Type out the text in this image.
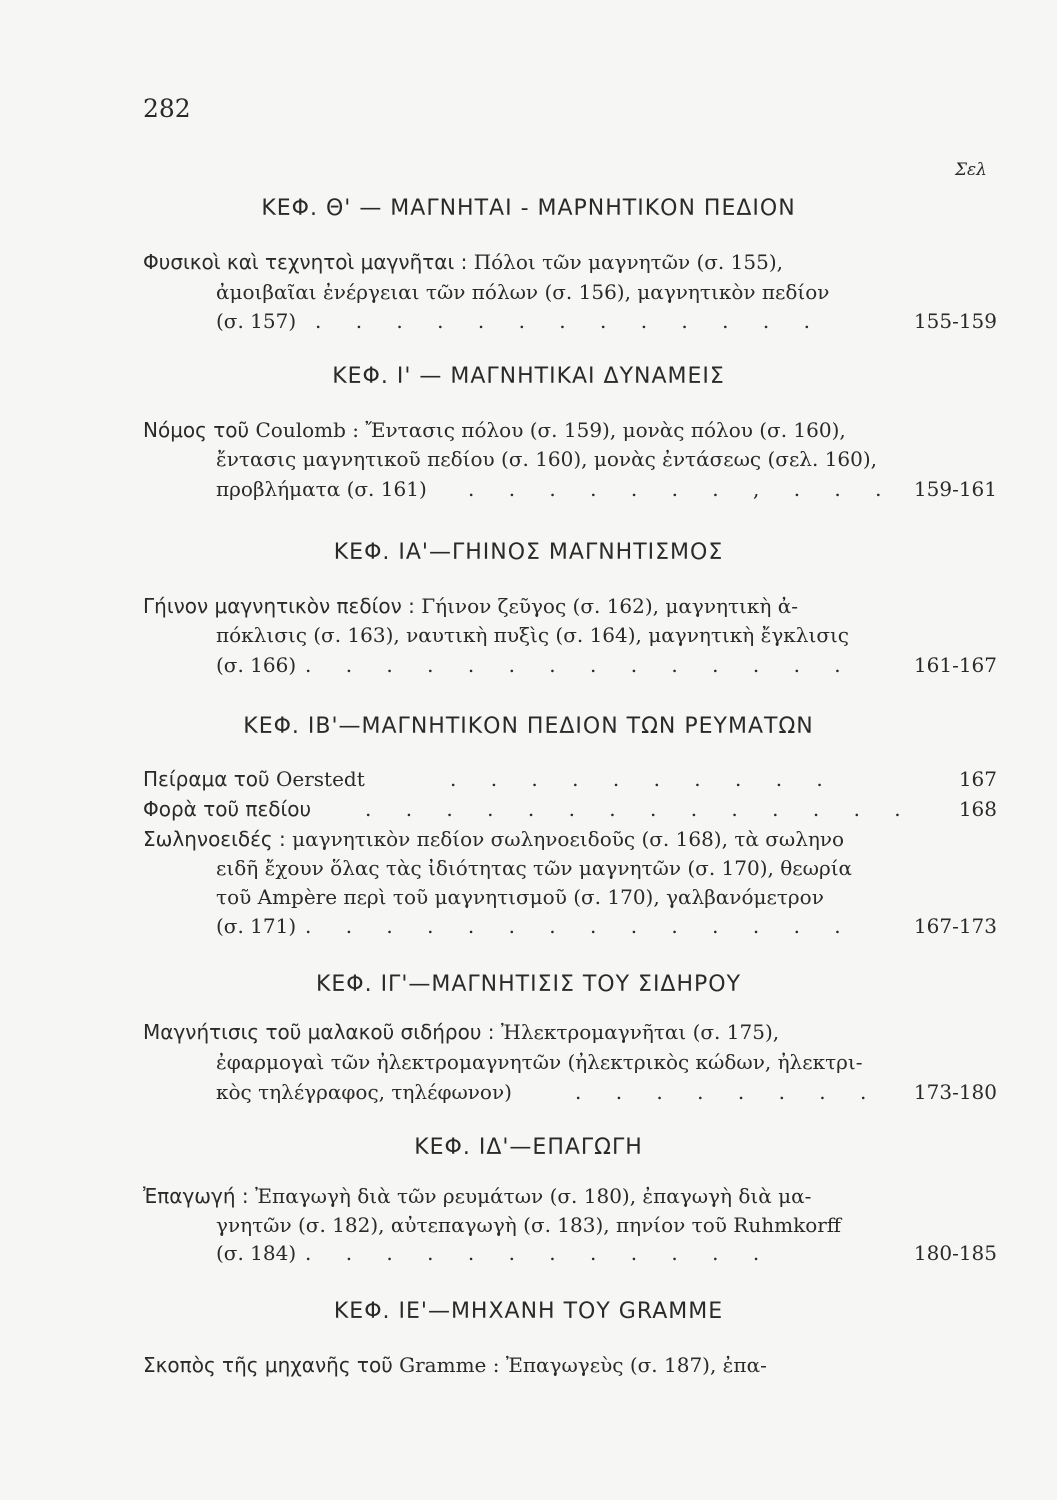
282
Σελ
ΚΕΦ. Θ' — ΜΑΓΝΗΤΑΙ - ΜΑΡΝΗΤΙΚΟΝ ΠΕΔΙΟΝ
Φυσικοὶ καὶ τεχνητοὶ μαγνῆται : Πόλοι τῶν μαγνητῶν (σ. 155),
ἀμοιβαῖαι ἐνέργειαι τῶν πόλων (σ. 156), μαγνητικὸν πεδίον
(σ. 157) . . . . . . . . . . . . .	155-159
ΚΕΦ. Ι' — ΜΑΓΝΗΤΙΚΑΙ ΔΥΝΑΜΕΙΣ
Νόμος τοῦ Coulomb : Ἔντασις πόλου (σ. 159), μονὰς πόλου (σ. 160),
ἔντασις μαγνητικοῦ πεδίου (σ. 160), μονὰς ἐντάσεως (σελ. 160),
προβλήματα (σ. 161) . . . . . . . , . . . 159-161
ΚΕΦ. ΙΑ'—ΓΗΙΝΟΣ ΜΑΓΝΗΤΙΣΜΟΣ
Γήινον μαγνητικὸν πεδίον : Γήινον ζεῦγος (σ. 162), μαγνητικὴ ἀ-
πόκλισις (σ. 163), ναυτικὴ πυξὶς (σ. 164), μαγνητικὴ ἔγκλισις
(σ. 166) . . . . . . . . . . . . . .	161-167
ΚΕΦ. ΙΒ'—ΜΑΓΝΗΤΙΚΟΝ ΠΕΔΙΟΝ ΤΩΝ ΡΕΥΜΑΤΩΝ
Πείραμα τοῦ Oerstedt	. . . . . . . . . .	167
Φορὰ τοῦ πεδίου	. . . . . . . . . . . . . . 168
Σωληνοειδές : μαγνητικὸν πεδίον σωληνοειδοῦς (σ. 168), τὰ σωληνο
ειδῆ ἔχουν ὅλας τὰς ἰδιότητας τῶν μαγνητῶν (σ. 170), θεωρία
τοῦ Ampère περὶ τοῦ μαγνητισμοῦ (σ. 170), γαλβανόμετρον
(σ. 171) . . . . . . . . . . . . . .	167-173
ΚΕΦ. ΙΓ'—ΜΑΓΝΗΤΙΣΙΣ ΤΟΥ ΣΙΔΗΡΟΥ
Μαγνήτισις τοῦ μαλακοῦ σιδήρου : Ἠλεκτρομαγνῆται (σ. 175),
ἐφαρμογαὶ τῶν ἠλεκτρομαγνητῶν (ἠλεκτρικὸς κώδων, ἠλεκτρι-
κὸς τηλέγραφος, τηλέφωνον)	. . . . . . . . 173-180
ΚΕΦ. ΙΔ'—ΕΠΑΓΩΓΗ
Ἐπαγωγή : Ἐπαγωγὴ διὰ τῶν ρευμάτων (σ. 180), ἐπαγωγὴ διὰ μα-
γνητῶν (σ. 182), αὐτεπαγωγὴ (σ. 183), πηνίον τοῦ Ruhmkorff
(σ. 184) . . . . . . . . . . . .	180-185
ΚΕΦ. ΙΕ'—ΜΗΧΑΝΗ ΤΟΥ GRAMME
Σκοπὸς τῆς μηχανῆς τοῦ Gramme : Ἐπαγωγεὺς (σ. 187), ἐπα-
